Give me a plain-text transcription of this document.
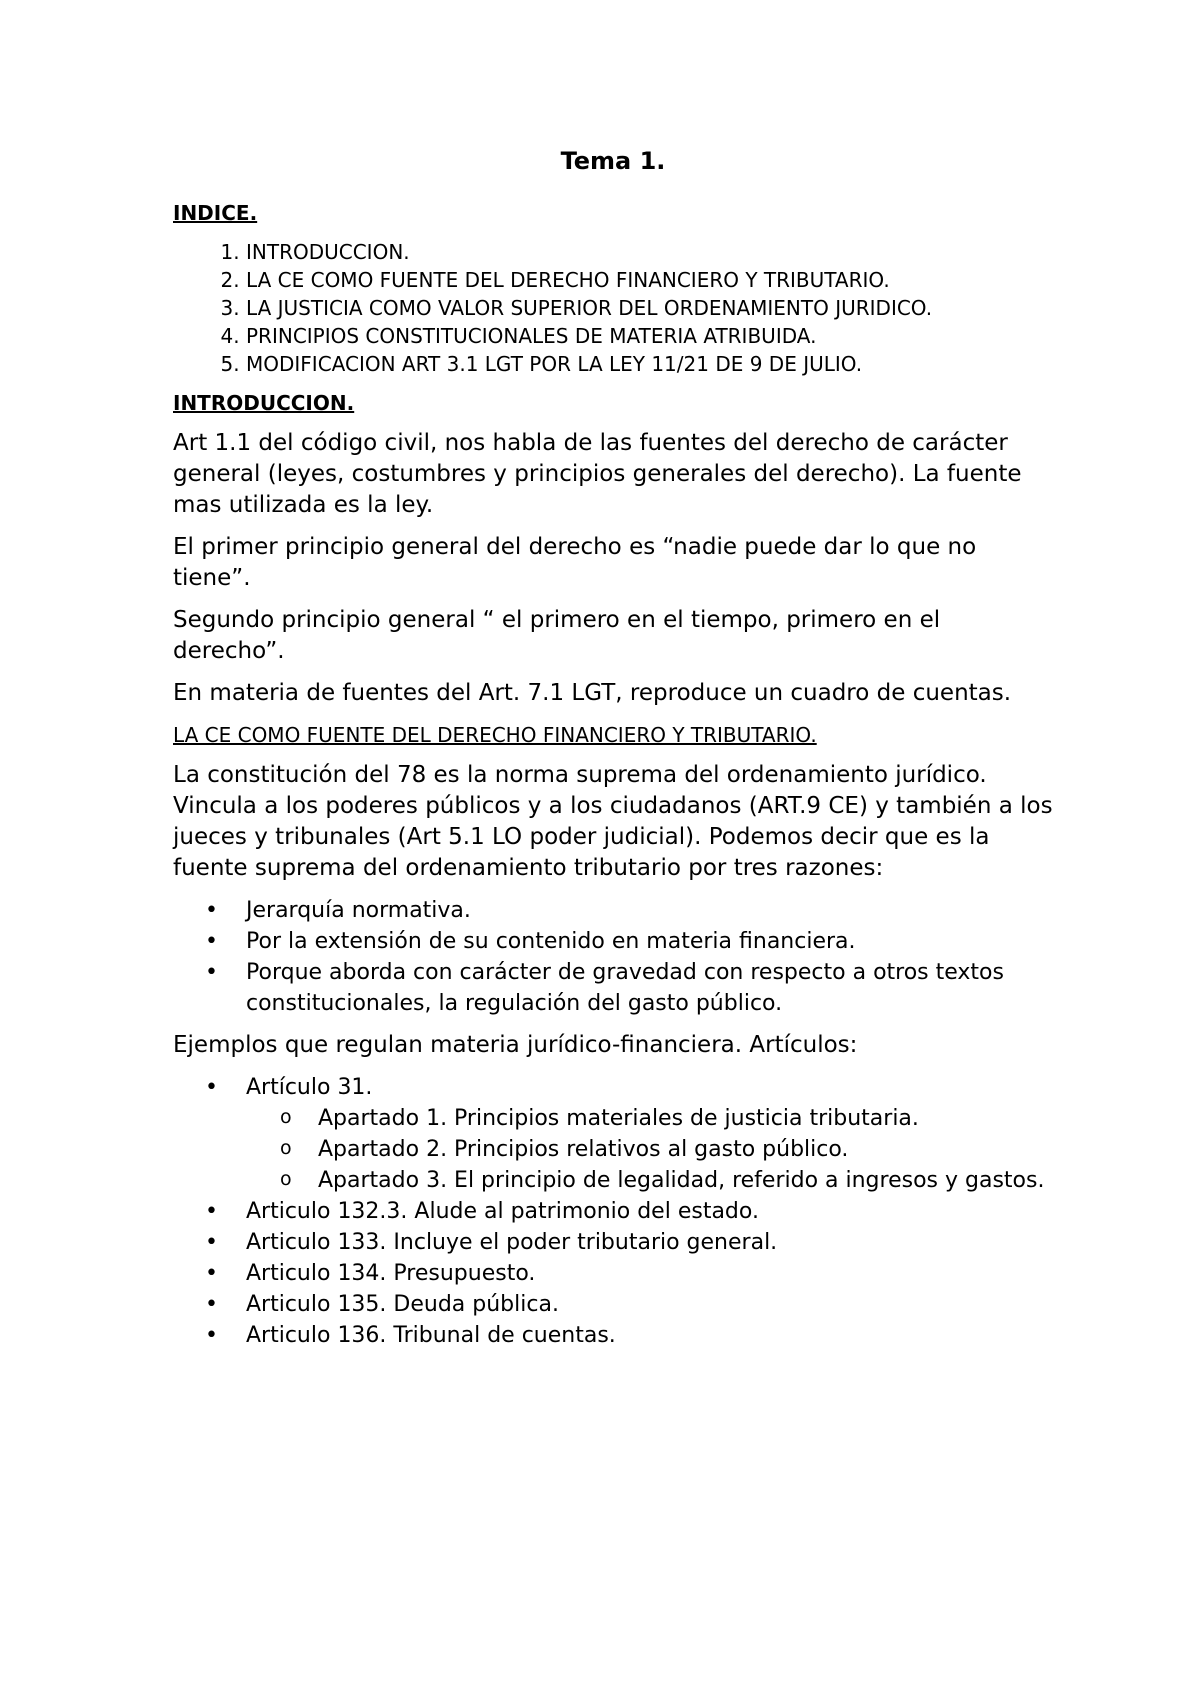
Tema 1.
INDICE.
1. INTRODUCCION.
2. LA CE COMO FUENTE DEL DERECHO FINANCIERO Y TRIBUTARIO.
3. LA JUSTICIA COMO VALOR SUPERIOR DEL ORDENAMIENTO JURIDICO.
4. PRINCIPIOS CONSTITUCIONALES DE MATERIA ATRIBUIDA.
5. MODIFICACION ART 3.1 LGT POR LA LEY 11/21 DE 9 DE JULIO.
INTRODUCCION.

Art 1.1 del código civil, nos habla de las fuentes del derecho de carácter general (leyes, costumbres y principios generales del derecho). La fuente mas utilizada es la ley.

El primer principio general del derecho es “nadie puede dar lo que no tiene”.

Segundo principio general “ el primero en el tiempo, primero en el derecho”.

En materia de fuentes del Art. 7.1 LGT, reproduce un cuadro de cuentas.

LA CE COMO FUENTE DEL DERECHO FINANCIERO Y TRIBUTARIO.

La constitución del 78 es la norma suprema del ordenamiento jurídico. Vincula a los poderes públicos y a los ciudadanos (ART.9 CE) y también a los jueces y tribunales (Art 5.1 LO poder judicial). Podemos decir que es la fuente suprema del ordenamiento tributario por tres razones:

• Jerarquía normativa.
• Por la extensión de su contenido en materia financiera.
• Porque aborda con carácter de gravedad con respecto a otros textos constitucionales, la regulación del gasto público.

Ejemplos que regulan materia jurídico-financiera. Artículos:

• Artículo 31.
o Apartado 1. Principios materiales de justicia tributaria.
o Apartado 2. Principios relativos al gasto público.
o Apartado 3. El principio de legalidad, referido a ingresos y gastos.
• Articulo 132.3. Alude al patrimonio del estado.
• Articulo 133. Incluye el poder tributario general.
• Articulo 134. Presupuesto.
• Articulo 135. Deuda pública.
• Articulo 136. Tribunal de cuentas.
